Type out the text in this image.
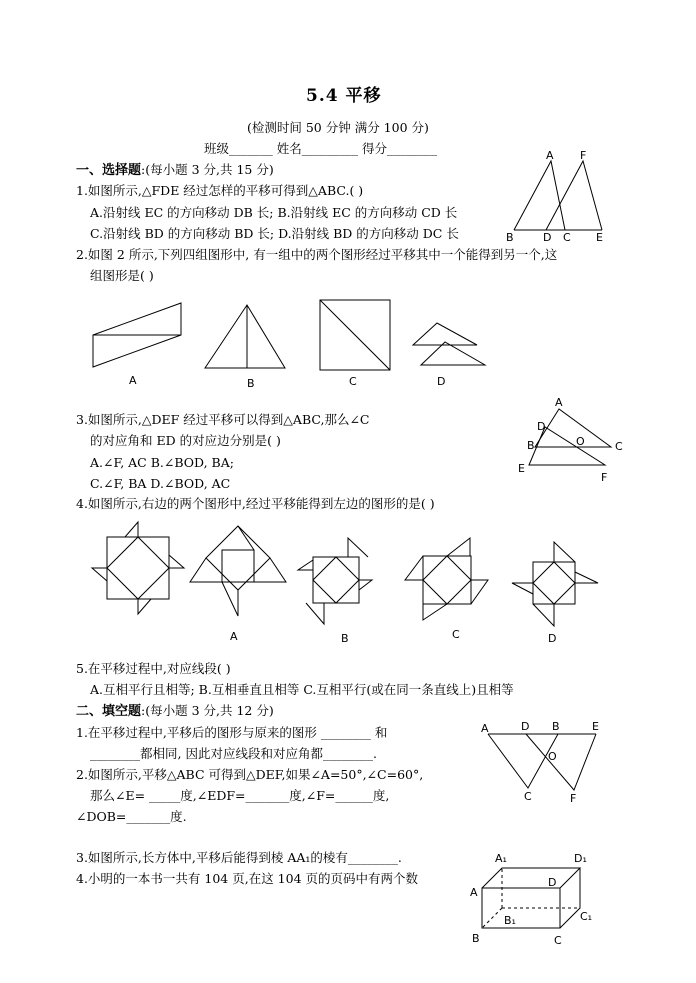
5.4 平移
(检测时间 50 分钟 满分 100 分)
班级_______ 姓名_________ 得分________
一、选择题:(每小题 3 分,共 15 分)
1.如图所示,△FDE 经过怎样的平移可得到△ABC.( )
A.沿射线 EC 的方向移动 DB 长; B.沿射线 EC 的方向移动 CD 长
C.沿射线 BD 的方向移动 BD 长; D.沿射线 BD 的方向移动 DC 长
A F
B	D C E
2.如图 2 所示,下列四组图形中, 有一组中的两个图形经过平移其中一个能得到另一个,这
组图形是( )
A	B	C	D
3.如图所示,△DEF 经过平移可以得到△ABC,那么∠C
的对应角和 ED 的对应边分别是( )
A.∠F, AC B.∠BOD, BA;
C.∠F, BA D.∠BOD, AC
A
D
B	O	C
E
F
4.如图所示,右边的两个图形中,经过平移能得到左边的图形的是( )
A	B	C	D
5.在平移过程中,对应线段( )
A.互相平行且相等; B.互相垂直且相等 C.互相平行(或在同一条直线上)且相等
二、填空题:(每小题 3 分,共 12 分)
1.在平移过程中,平移后的图形与原来的图形 ________ 和
________都相同, 因此对应线段和对应角都________.
2.如图所示,平移△ABC 可得到△DEF,如果∠A=50°,∠C=60°,
那么∠E= _____度,∠EDF=_______度,∠F=______度,
∠DOB=_______度.
A	D B	E
O
C	F
3.如图所示,长方体中,平移后能得到棱 AA₁的棱有________.
4.小明的一本书一共有 104 页,在这 104 页的页码中有两个数
A₁	D₁
A
D
B₁	C₁
B	C
